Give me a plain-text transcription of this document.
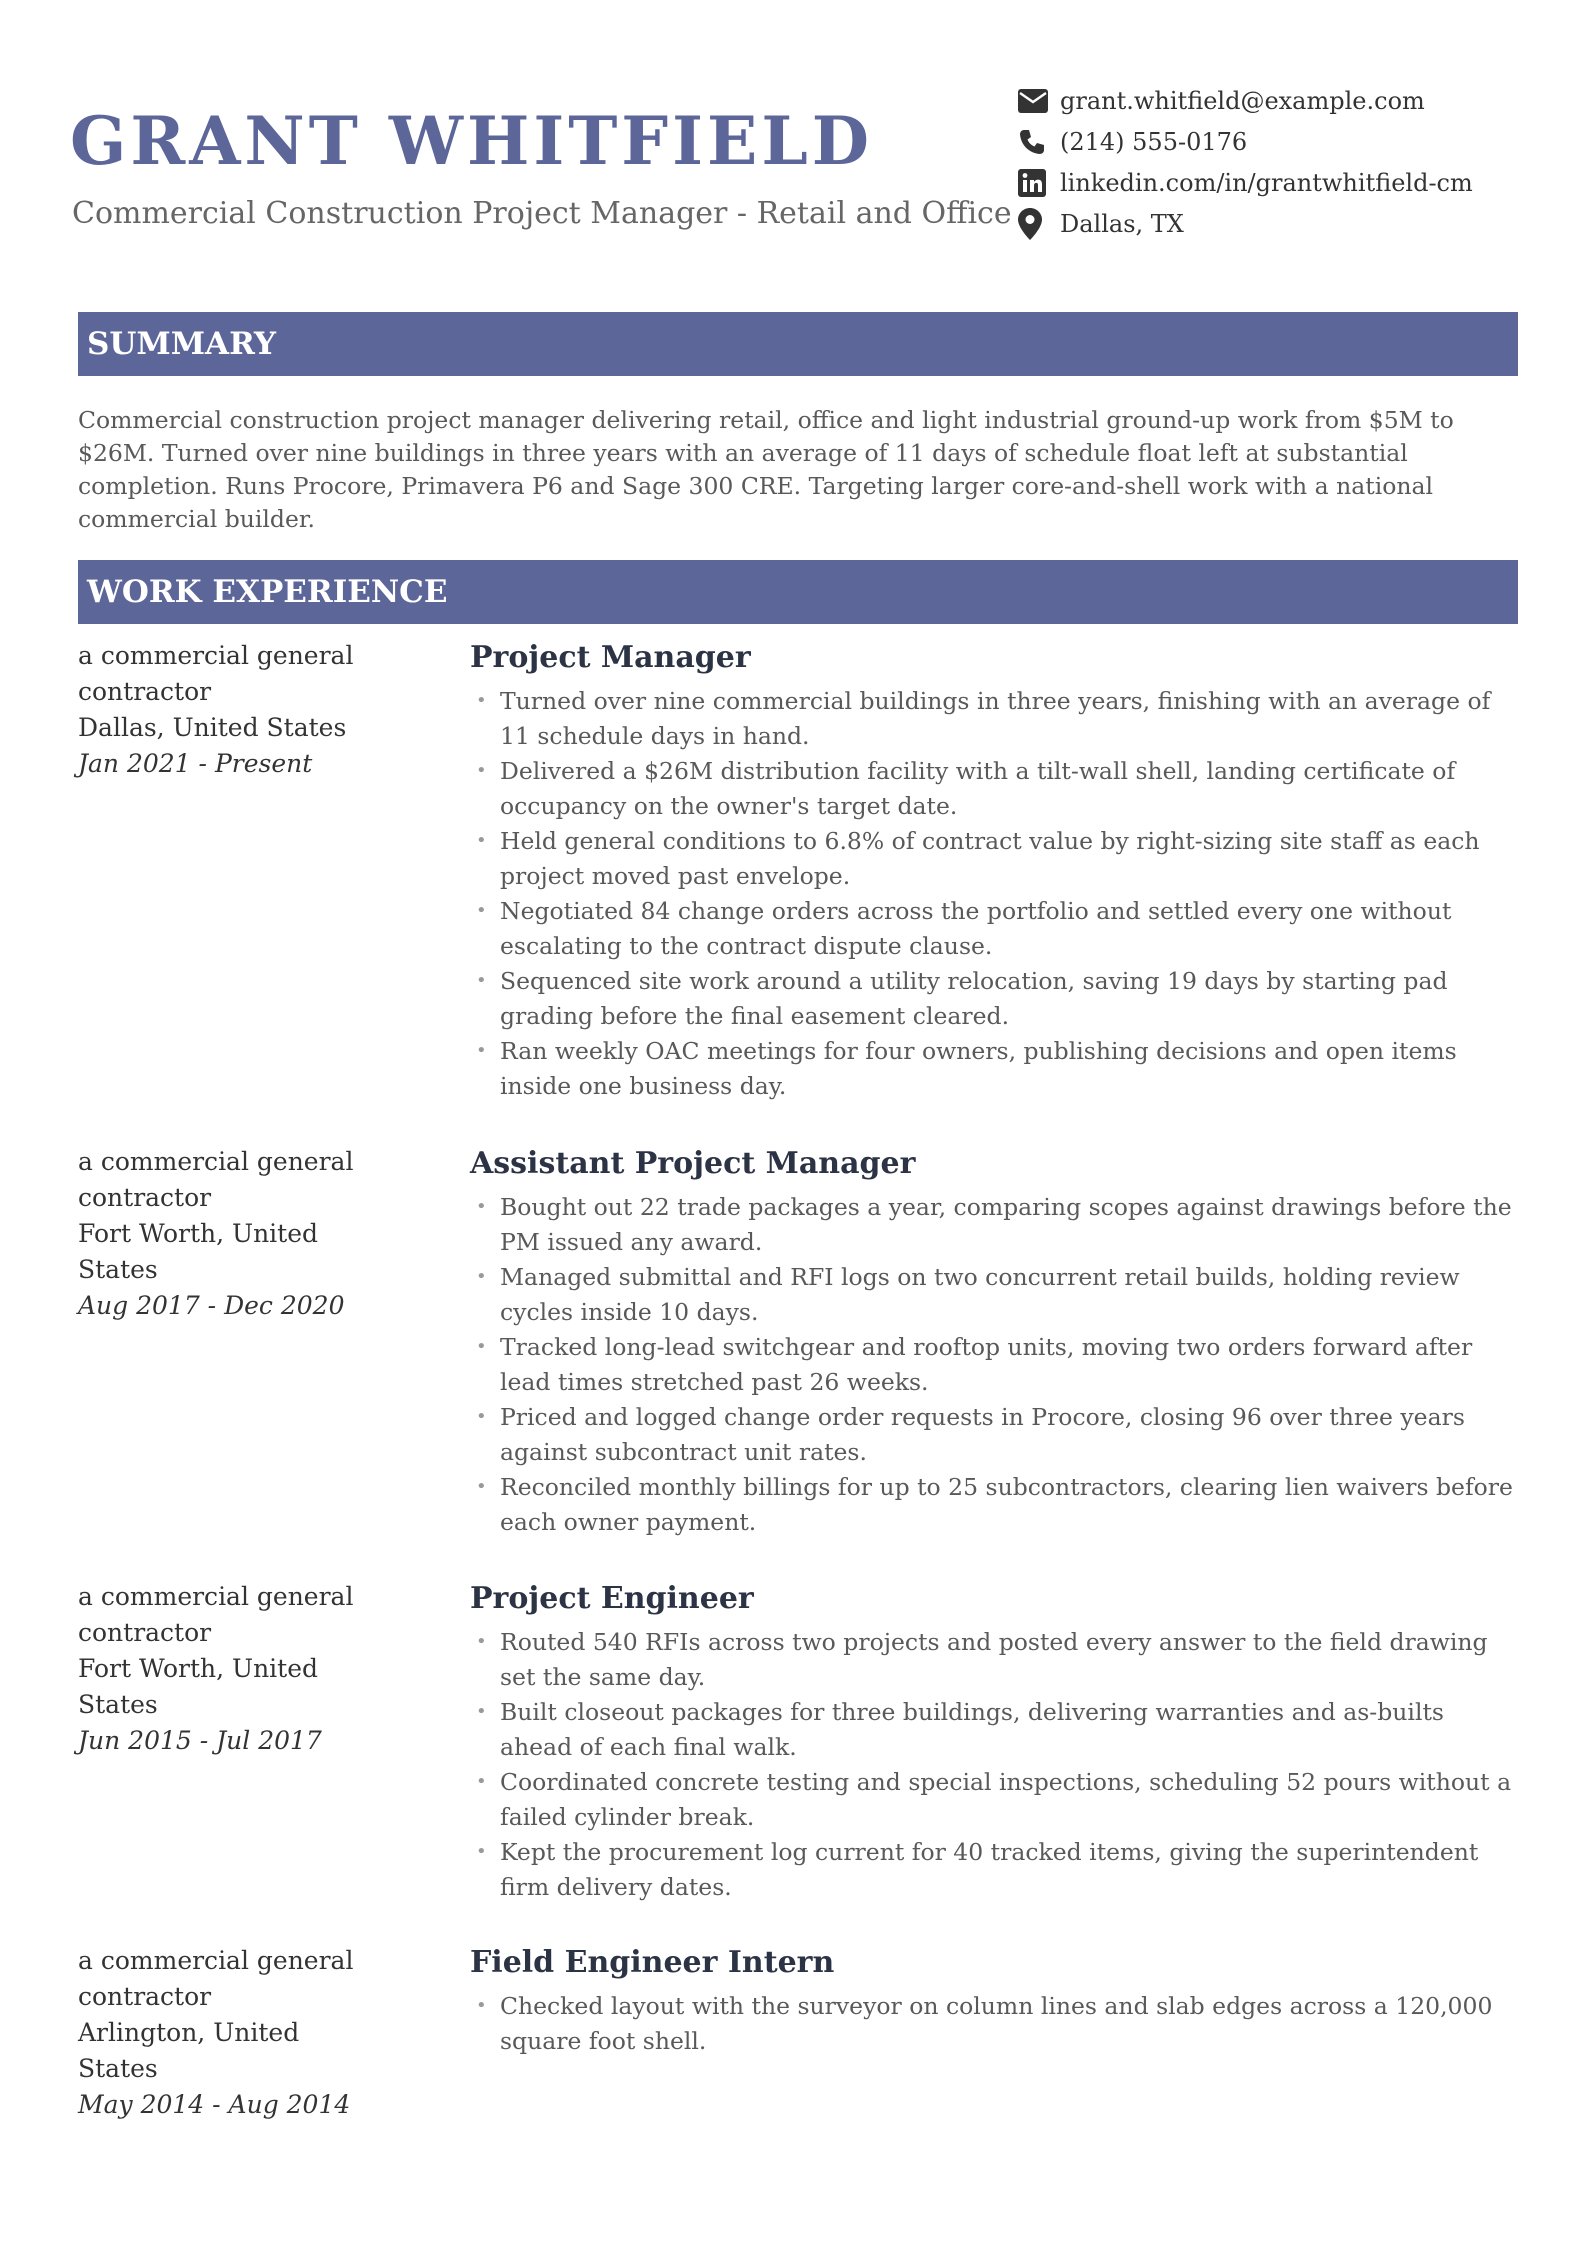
GRANT WHITFIELD
Commercial Construction Project Manager - Retail and Office
grant.whitfield@example.com
(214) 555-0176
linkedin.com/in/grantwhitfield-cm
Dallas, TX
SUMMARY
Commercial construction project manager delivering retail, office and light industrial ground-up work from $5M to $26M. Turned over nine buildings in three years with an average of 11 days of schedule float left at substantial completion. Runs Procore, Primavera P6 and Sage 300 CRE. Targeting larger core-and-shell work with a national commercial builder.
WORK EXPERIENCE
a commercial general contractor
Dallas, United States
Jan 2021 - Present
Project Manager
• Turned over nine commercial buildings in three years, finishing with an average of 11 schedule days in hand.
• Delivered a $26M distribution facility with a tilt-wall shell, landing certificate of occupancy on the owner's target date.
• Held general conditions to 6.8% of contract value by right-sizing site staff as each project moved past envelope.
• Negotiated 84 change orders across the portfolio and settled every one without escalating to the contract dispute clause.
• Sequenced site work around a utility relocation, saving 19 days by starting pad grading before the final easement cleared.
• Ran weekly OAC meetings for four owners, publishing decisions and open items inside one business day.
a commercial general contractor
Fort Worth, United States
Aug 2017 - Dec 2020
Assistant Project Manager
• Bought out 22 trade packages a year, comparing scopes against drawings before the PM issued any award.
• Managed submittal and RFI logs on two concurrent retail builds, holding review cycles inside 10 days.
• Tracked long-lead switchgear and rooftop units, moving two orders forward after lead times stretched past 26 weeks.
• Priced and logged change order requests in Procore, closing 96 over three years against subcontract unit rates.
• Reconciled monthly billings for up to 25 subcontractors, clearing lien waivers before each owner payment.
a commercial general contractor
Fort Worth, United States
Jun 2015 - Jul 2017
Project Engineer
• Routed 540 RFIs across two projects and posted every answer to the field drawing set the same day.
• Built closeout packages for three buildings, delivering warranties and as-builts ahead of each final walk.
• Coordinated concrete testing and special inspections, scheduling 52 pours without a failed cylinder break.
• Kept the procurement log current for 40 tracked items, giving the superintendent firm delivery dates.
a commercial general contractor
Arlington, United States
May 2014 - Aug 2014
Field Engineer Intern
• Checked layout with the surveyor on column lines and slab edges across a 120,000 square foot shell.
